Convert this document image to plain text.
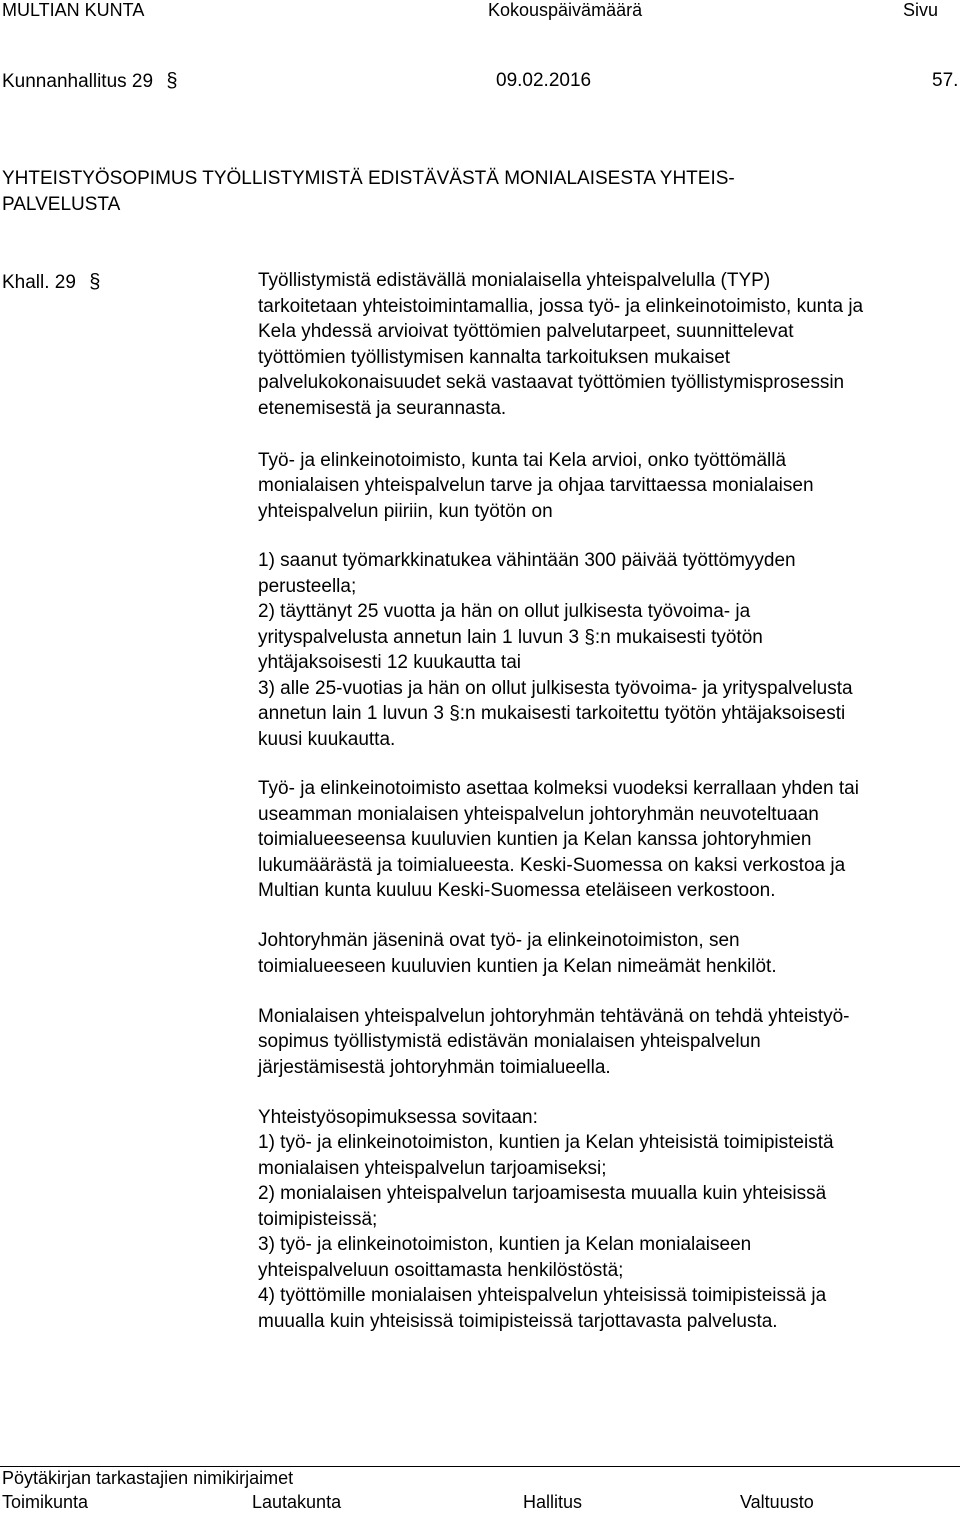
MULTIAN KUNTA	Kokouspäivämäärä	Sivu
Kunnanhallitus 29 §	09.02.2016	57.
YHTEISTYÖSOPIMUS TYÖLLISTYMISTÄ EDISTÄVÄSTÄ MONIALAISESTA YHTEIS-
PALVELUSTA
Khall. 29 §	Työllistymistä edistävällä monialaisella yhteispalvelulla (TYP)
tarkoitetaan yhteistoimintamallia, jossa työ- ja elinkeinotoimisto, kunta ja
Kela yhdessä arvioivat työttömien palvelutarpeet, suunnittelevat
työttömien työllistymisen kannalta tarkoituksen mukaiset
palvelukokonaisuudet sekä vastaavat työttömien työllistymisprosessin
etenemisestä ja seurannasta.
Työ- ja elinkeinotoimisto, kunta tai Kela arvioi, onko työttömällä
monialaisen yhteispalvelun tarve ja ohjaa tarvittaessa monialaisen
yhteispalvelun piiriin, kun työtön on
1) saanut työmarkkinatukea vähintään 300 päivää työttömyyden
perusteella;
2) täyttänyt 25 vuotta ja hän on ollut julkisesta työvoima- ja
yrityspalvelusta annetun lain 1 luvun 3 §:n mukaisesti työtön
yhtäjaksoisesti 12 kuukautta tai
3) alle 25-vuotias ja hän on ollut julkisesta työvoima- ja yrityspalvelusta
annetun lain 1 luvun 3 §:n mukaisesti tarkoitettu työtön yhtäjaksoisesti
kuusi kuukautta.
Työ- ja elinkeinotoimisto asettaa kolmeksi vuodeksi kerrallaan yhden tai
useamman monialaisen yhteispalvelun johtoryhmän neuvoteltuaan
toimialueeseensa kuuluvien kuntien ja Kelan kanssa johtoryhmien
lukumäärästä ja toimialueesta. Keski-Suomessa on kaksi verkostoa ja
Multian kunta kuuluu Keski-Suomessa eteläiseen verkostoon.
Johtoryhmän jäseninä ovat työ- ja elinkeinotoimiston, sen
toimialueeseen kuuluvien kuntien ja Kelan nimeämät henkilöt.
Monialaisen yhteispalvelun johtoryhmän tehtävänä on tehdä yhteistyö-
sopimus työllistymistä edistävän monialaisen yhteispalvelun
järjestämisestä johtoryhmän toimialueella.
Yhteistyösopimuksessa sovitaan:
1) työ- ja elinkeinotoimiston, kuntien ja Kelan yhteisistä toimipisteistä
monialaisen yhteispalvelun tarjoamiseksi;
2) monialaisen yhteispalvelun tarjoamisesta muualla kuin yhteisissä
toimipisteissä;
3) työ- ja elinkeinotoimiston, kuntien ja Kelan monialaiseen
yhteispalveluun osoittamasta henkilöstöstä;
4) työttömille monialaisen yhteispalvelun yhteisissä toimipisteissä ja
muualla kuin yhteisissä toimipisteissä tarjottavasta palvelusta.
Pöytäkirjan tarkastajien nimikirjaimet
Toimikunta	Lautakunta	Hallitus	Valtuusto
